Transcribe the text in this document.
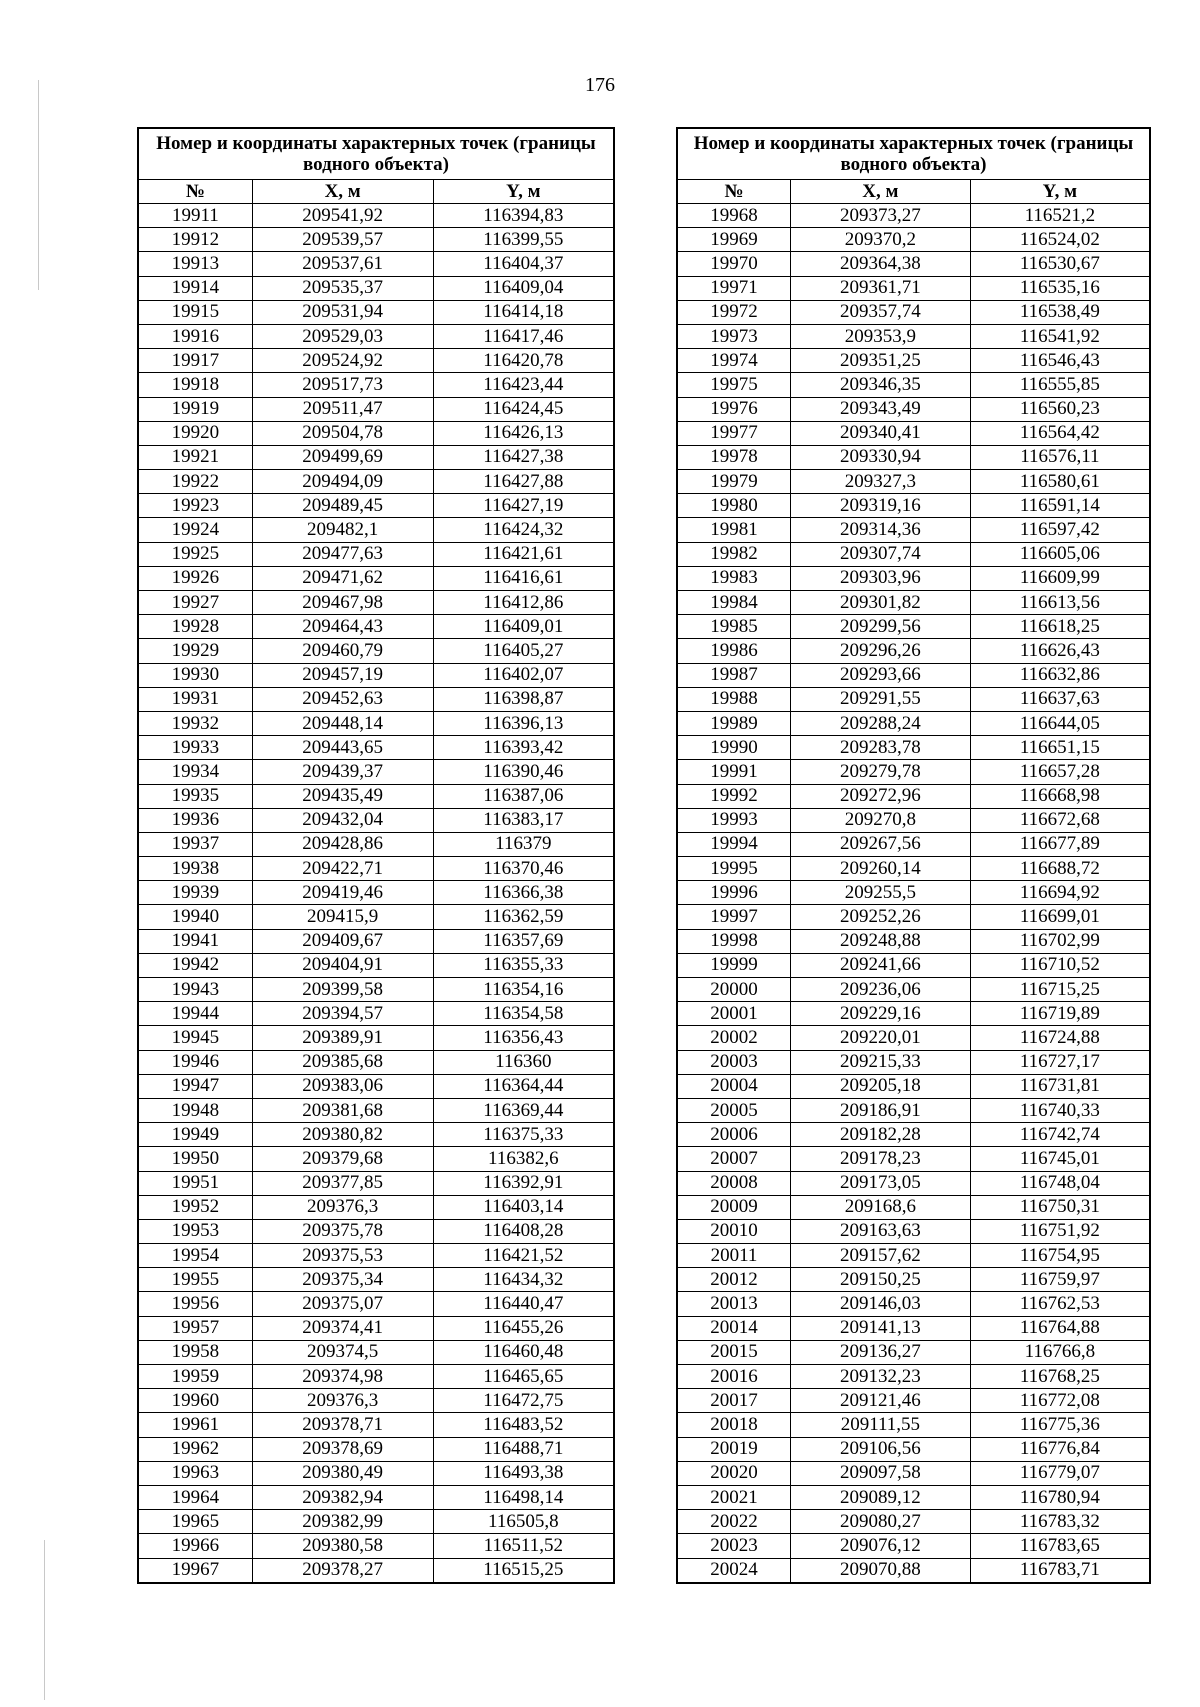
176
Номер и координаты характерных точек (границы водного объекта)		
№	X, м	Y, м
19911	209541,92	116394,83
19912	209539,57	116399,55
19913	209537,61	116404,37
19914	209535,37	116409,04
19915	209531,94	116414,18
19916	209529,03	116417,46
19917	209524,92	116420,78
19918	209517,73	116423,44
19919	209511,47	116424,45
19920	209504,78	116426,13
19921	209499,69	116427,38
19922	209494,09	116427,88
19923	209489,45	116427,19
19924	209482,1	116424,32
19925	209477,63	116421,61
19926	209471,62	116416,61
19927	209467,98	116412,86
19928	209464,43	116409,01
19929	209460,79	116405,27
19930	209457,19	116402,07
19931	209452,63	116398,87
19932	209448,14	116396,13
19933	209443,65	116393,42
19934	209439,37	116390,46
19935	209435,49	116387,06
19936	209432,04	116383,17
19937	209428,86	116379
19938	209422,71	116370,46
19939	209419,46	116366,38
19940	209415,9	116362,59
19941	209409,67	116357,69
19942	209404,91	116355,33
19943	209399,58	116354,16
19944	209394,57	116354,58
19945	209389,91	116356,43
19946	209385,68	116360
19947	209383,06	116364,44
19948	209381,68	116369,44
19949	209380,82	116375,33
19950	209379,68	116382,6
19951	209377,85	116392,91
19952	209376,3	116403,14
19953	209375,78	116408,28
19954	209375,53	116421,52
19955	209375,34	116434,32
19956	209375,07	116440,47
19957	209374,41	116455,26
19958	209374,5	116460,48
19959	209374,98	116465,65
19960	209376,3	116472,75
19961	209378,71	116483,52
19962	209378,69	116488,71
19963	209380,49	116493,38
19964	209382,94	116498,14
19965	209382,99	116505,8
19966	209380,58	116511,52
19967	209378,27	116515,25
Номер и координаты характерных точек (границы водного объекта)		
№	X, м	Y, м
19968	209373,27	116521,2
19969	209370,2	116524,02
19970	209364,38	116530,67
19971	209361,71	116535,16
19972	209357,74	116538,49
19973	209353,9	116541,92
19974	209351,25	116546,43
19975	209346,35	116555,85
19976	209343,49	116560,23
19977	209340,41	116564,42
19978	209330,94	116576,11
19979	209327,3	116580,61
19980	209319,16	116591,14
19981	209314,36	116597,42
19982	209307,74	116605,06
19983	209303,96	116609,99
19984	209301,82	116613,56
19985	209299,56	116618,25
19986	209296,26	116626,43
19987	209293,66	116632,86
19988	209291,55	116637,63
19989	209288,24	116644,05
19990	209283,78	116651,15
19991	209279,78	116657,28
19992	209272,96	116668,98
19993	209270,8	116672,68
19994	209267,56	116677,89
19995	209260,14	116688,72
19996	209255,5	116694,92
19997	209252,26	116699,01
19998	209248,88	116702,99
19999	209241,66	116710,52
20000	209236,06	116715,25
20001	209229,16	116719,89
20002	209220,01	116724,88
20003	209215,33	116727,17
20004	209205,18	116731,81
20005	209186,91	116740,33
20006	209182,28	116742,74
20007	209178,23	116745,01
20008	209173,05	116748,04
20009	209168,6	116750,31
20010	209163,63	116751,92
20011	209157,62	116754,95
20012	209150,25	116759,97
20013	209146,03	116762,53
20014	209141,13	116764,88
20015	209136,27	116766,8
20016	209132,23	116768,25
20017	209121,46	116772,08
20018	209111,55	116775,36
20019	209106,56	116776,84
20020	209097,58	116779,07
20021	209089,12	116780,94
20022	209080,27	116783,32
20023	209076,12	116783,65
20024	209070,88	116783,71
